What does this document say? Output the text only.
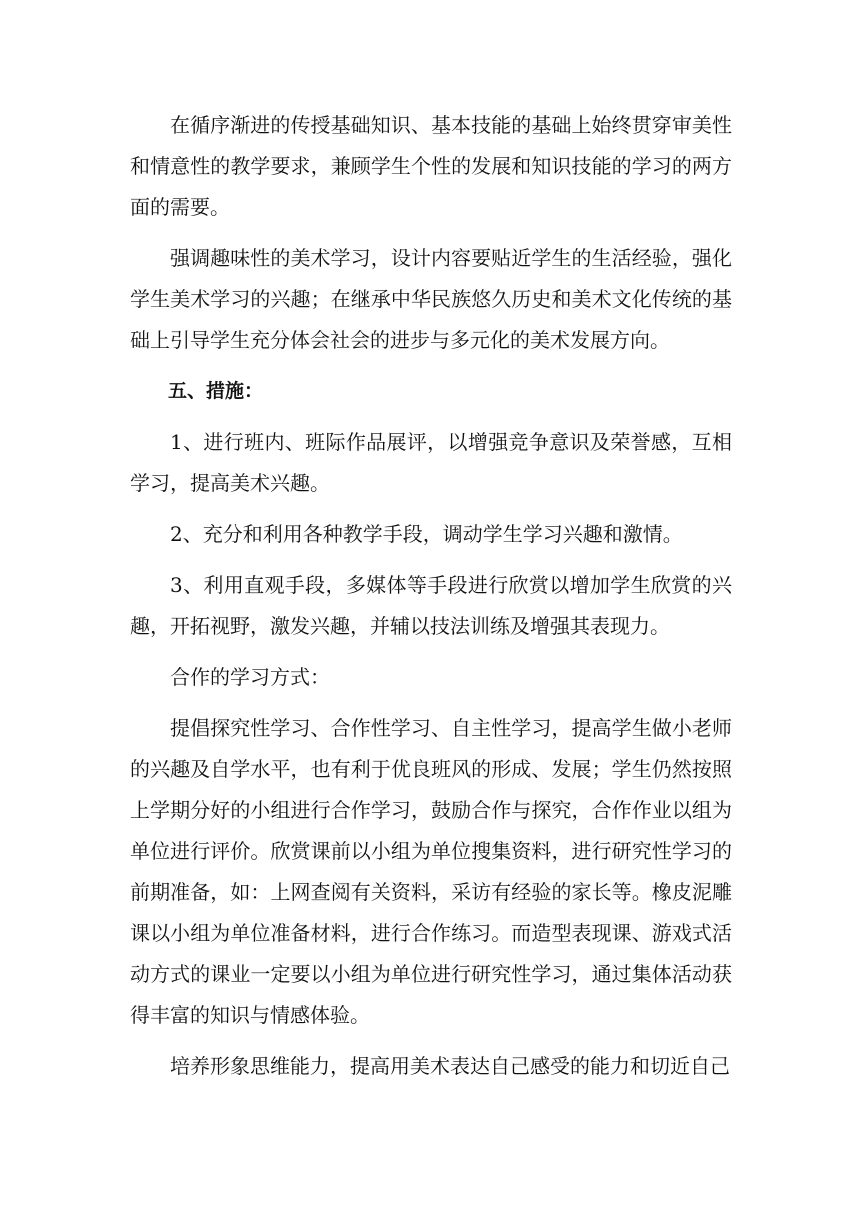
在循序渐进的传授基础知识、基本技能的基础上始终贯穿审美性和情意性的教学要求，兼顾学生个性的发展和知识技能的学习的两方面的需要。

强调趣味性的美术学习，设计内容要贴近学生的生活经验，强化学生美术学习的兴趣；在继承中华民族悠久历史和美术文化传统的基础上引导学生充分体会社会的进步与多元化的美术发展方向。

五、措施：

1、进行班内、班际作品展评，以增强竞争意识及荣誉感，互相学习，提高美术兴趣。

2、充分和利用各种教学手段，调动学生学习兴趣和激情。

3、利用直观手段，多媒体等手段进行欣赏以增加学生欣赏的兴趣，开拓视野，激发兴趣，并辅以技法训练及增强其表现力。

合作的学习方式：

提倡探究性学习、合作性学习、自主性学习，提高学生做小老师的兴趣及自学水平，也有利于优良班风的形成、发展；学生仍然按照上学期分好的小组进行合作学习，鼓励合作与探究，合作作业以组为单位进行评价。欣赏课前以小组为单位搜集资料，进行研究性学习的前期准备，如：上网查阅有关资料，采访有经验的家长等。橡皮泥雕课以小组为单位准备材料，进行合作练习。而造型表现课、游戏式活动方式的课业一定要以小组为单位进行研究性学习，通过集体活动获得丰富的知识与情感体验。

培养形象思维能力，提高用美术表达自己感受的能力和切近自己
